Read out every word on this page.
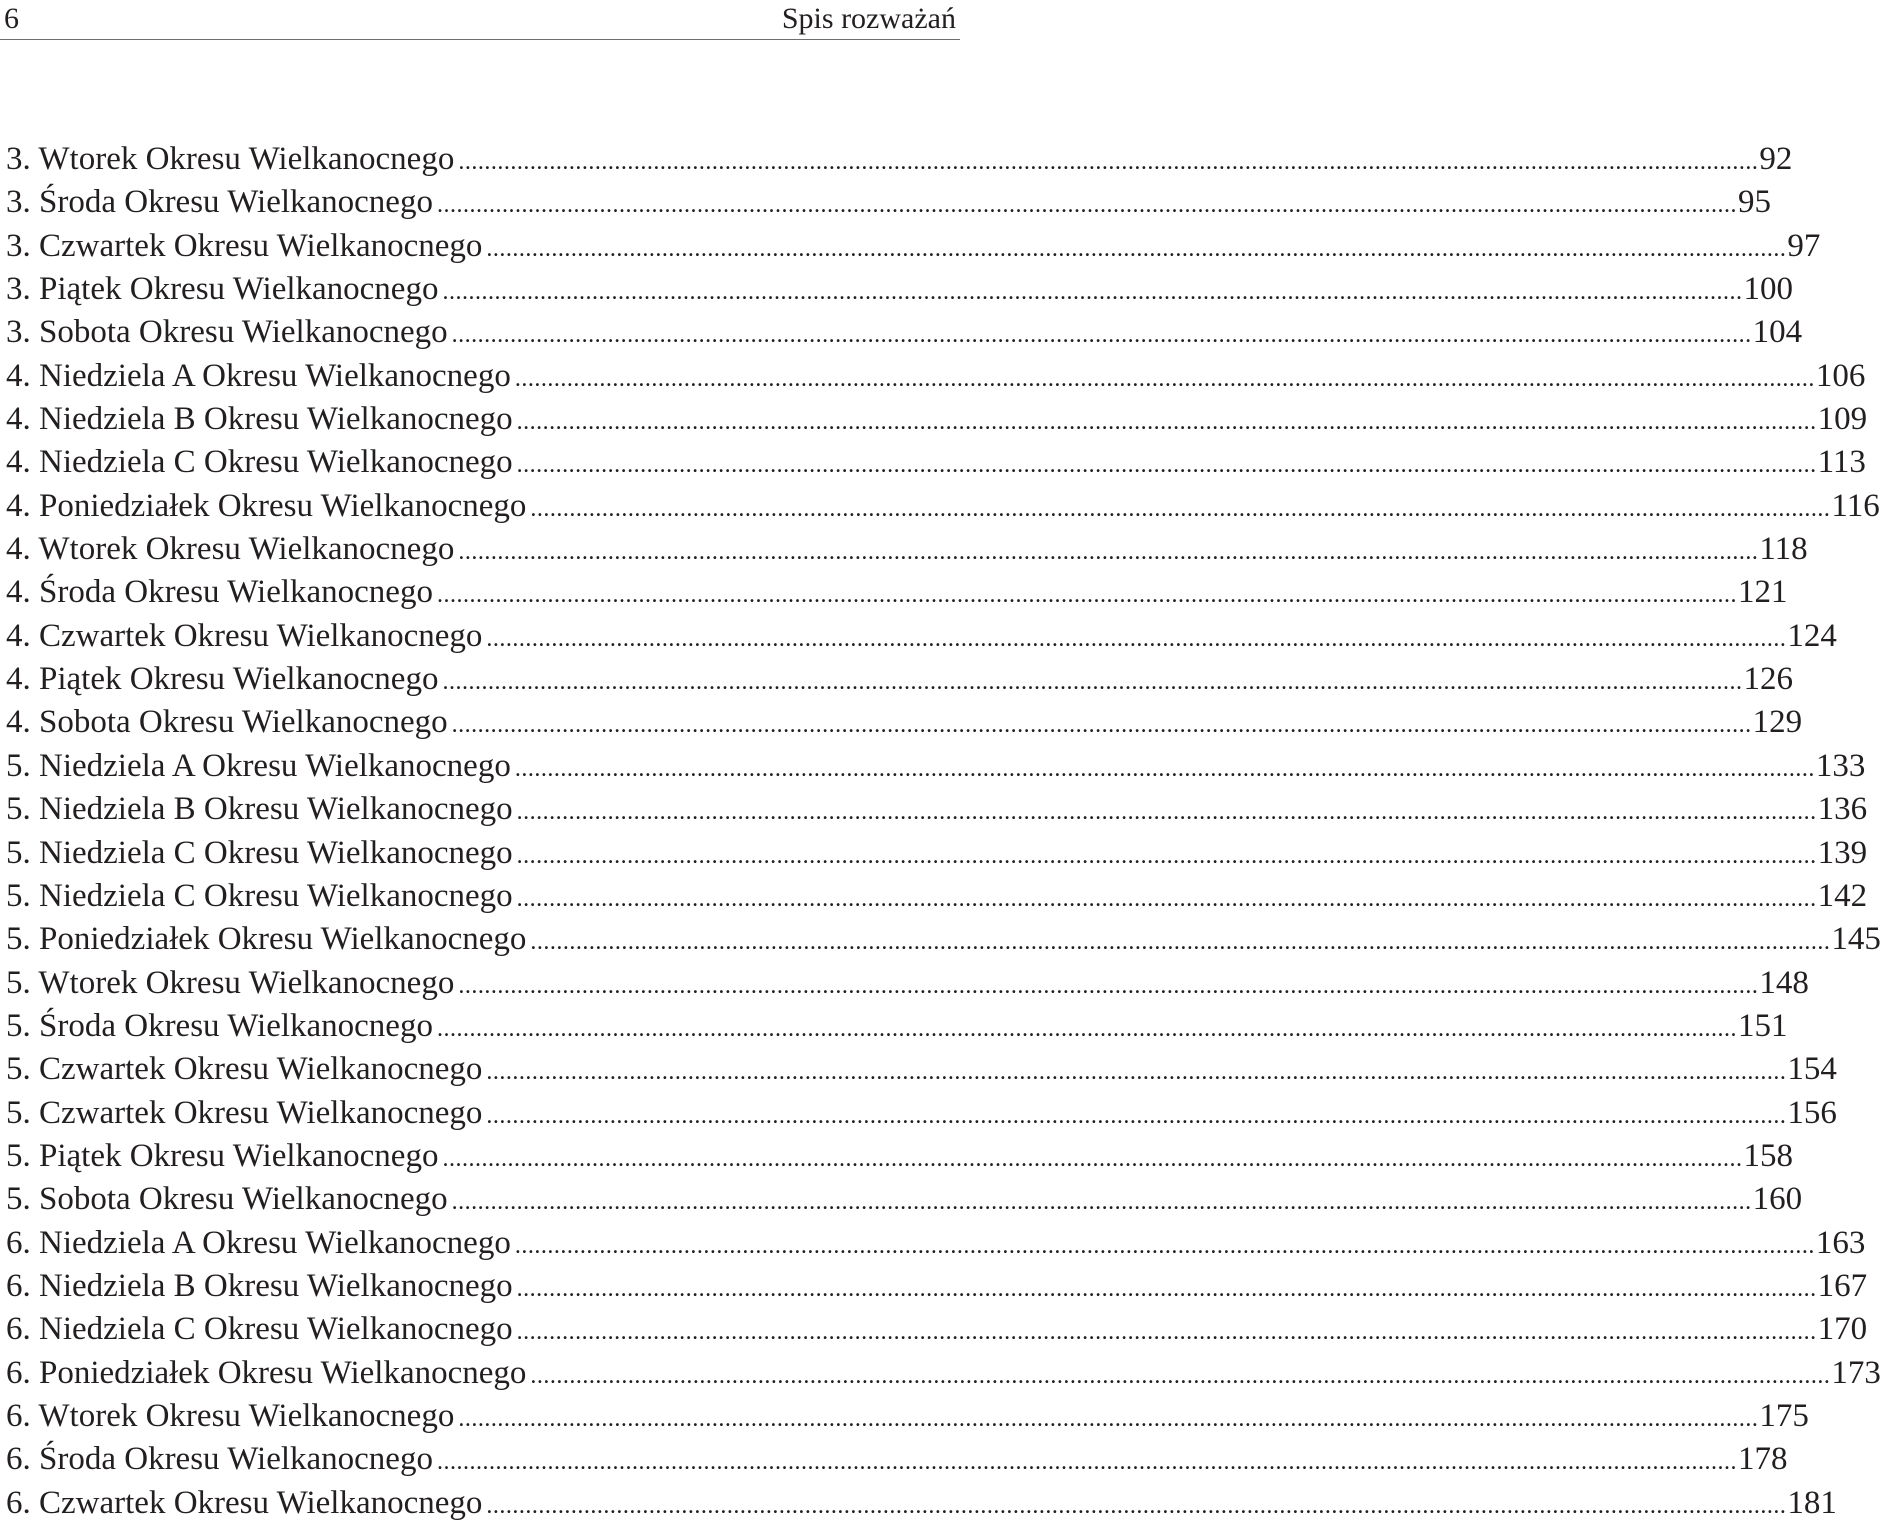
6	Spis rozważań
3. Wtorek Okresu Wielkanocnego ........................................................................................................................................................................................................ 92
3. Środa Okresu Wielkanocnego ........................................................................................................................................................................................................ 95
3. Czwartek Okresu Wielkanocnego ........................................................................................................................................................................................................ 97
3. Piątek Okresu Wielkanocnego ........................................................................................................................................................................................................ 100
3. Sobota Okresu Wielkanocnego ........................................................................................................................................................................................................ 104
4. Niedziela A Okresu Wielkanocnego ........................................................................................................................................................................................................ 106
4. Niedziela B Okresu Wielkanocnego ........................................................................................................................................................................................................ 109
4. Niedziela C Okresu Wielkanocnego ........................................................................................................................................................................................................ 113
4. Poniedziałek Okresu Wielkanocnego ........................................................................................................................................................................................................ 116
4. Wtorek Okresu Wielkanocnego ........................................................................................................................................................................................................ 118
4. Środa Okresu Wielkanocnego ........................................................................................................................................................................................................ 121
4. Czwartek Okresu Wielkanocnego ........................................................................................................................................................................................................ 124
4. Piątek Okresu Wielkanocnego ........................................................................................................................................................................................................ 126
4. Sobota Okresu Wielkanocnego ........................................................................................................................................................................................................ 129
5. Niedziela A Okresu Wielkanocnego ........................................................................................................................................................................................................ 133
5. Niedziela B Okresu Wielkanocnego ........................................................................................................................................................................................................ 136
5. Niedziela C Okresu Wielkanocnego ........................................................................................................................................................................................................ 139
5. Niedziela C Okresu Wielkanocnego ........................................................................................................................................................................................................ 142
5. Poniedziałek Okresu Wielkanocnego ........................................................................................................................................................................................................ 145
5. Wtorek Okresu Wielkanocnego ........................................................................................................................................................................................................ 148
5. Środa Okresu Wielkanocnego ........................................................................................................................................................................................................ 151
5. Czwartek Okresu Wielkanocnego ........................................................................................................................................................................................................ 154
5. Czwartek Okresu Wielkanocnego ........................................................................................................................................................................................................ 156
5. Piątek Okresu Wielkanocnego ........................................................................................................................................................................................................ 158
5. Sobota Okresu Wielkanocnego ........................................................................................................................................................................................................ 160
6. Niedziela A Okresu Wielkanocnego ........................................................................................................................................................................................................ 163
6. Niedziela B Okresu Wielkanocnego ........................................................................................................................................................................................................ 167
6. Niedziela C Okresu Wielkanocnego ........................................................................................................................................................................................................ 170
6. Poniedziałek Okresu Wielkanocnego ........................................................................................................................................................................................................ 173
6. Wtorek Okresu Wielkanocnego ........................................................................................................................................................................................................ 175
6. Środa Okresu Wielkanocnego ........................................................................................................................................................................................................ 178
6. Czwartek Okresu Wielkanocnego ........................................................................................................................................................................................................ 181
